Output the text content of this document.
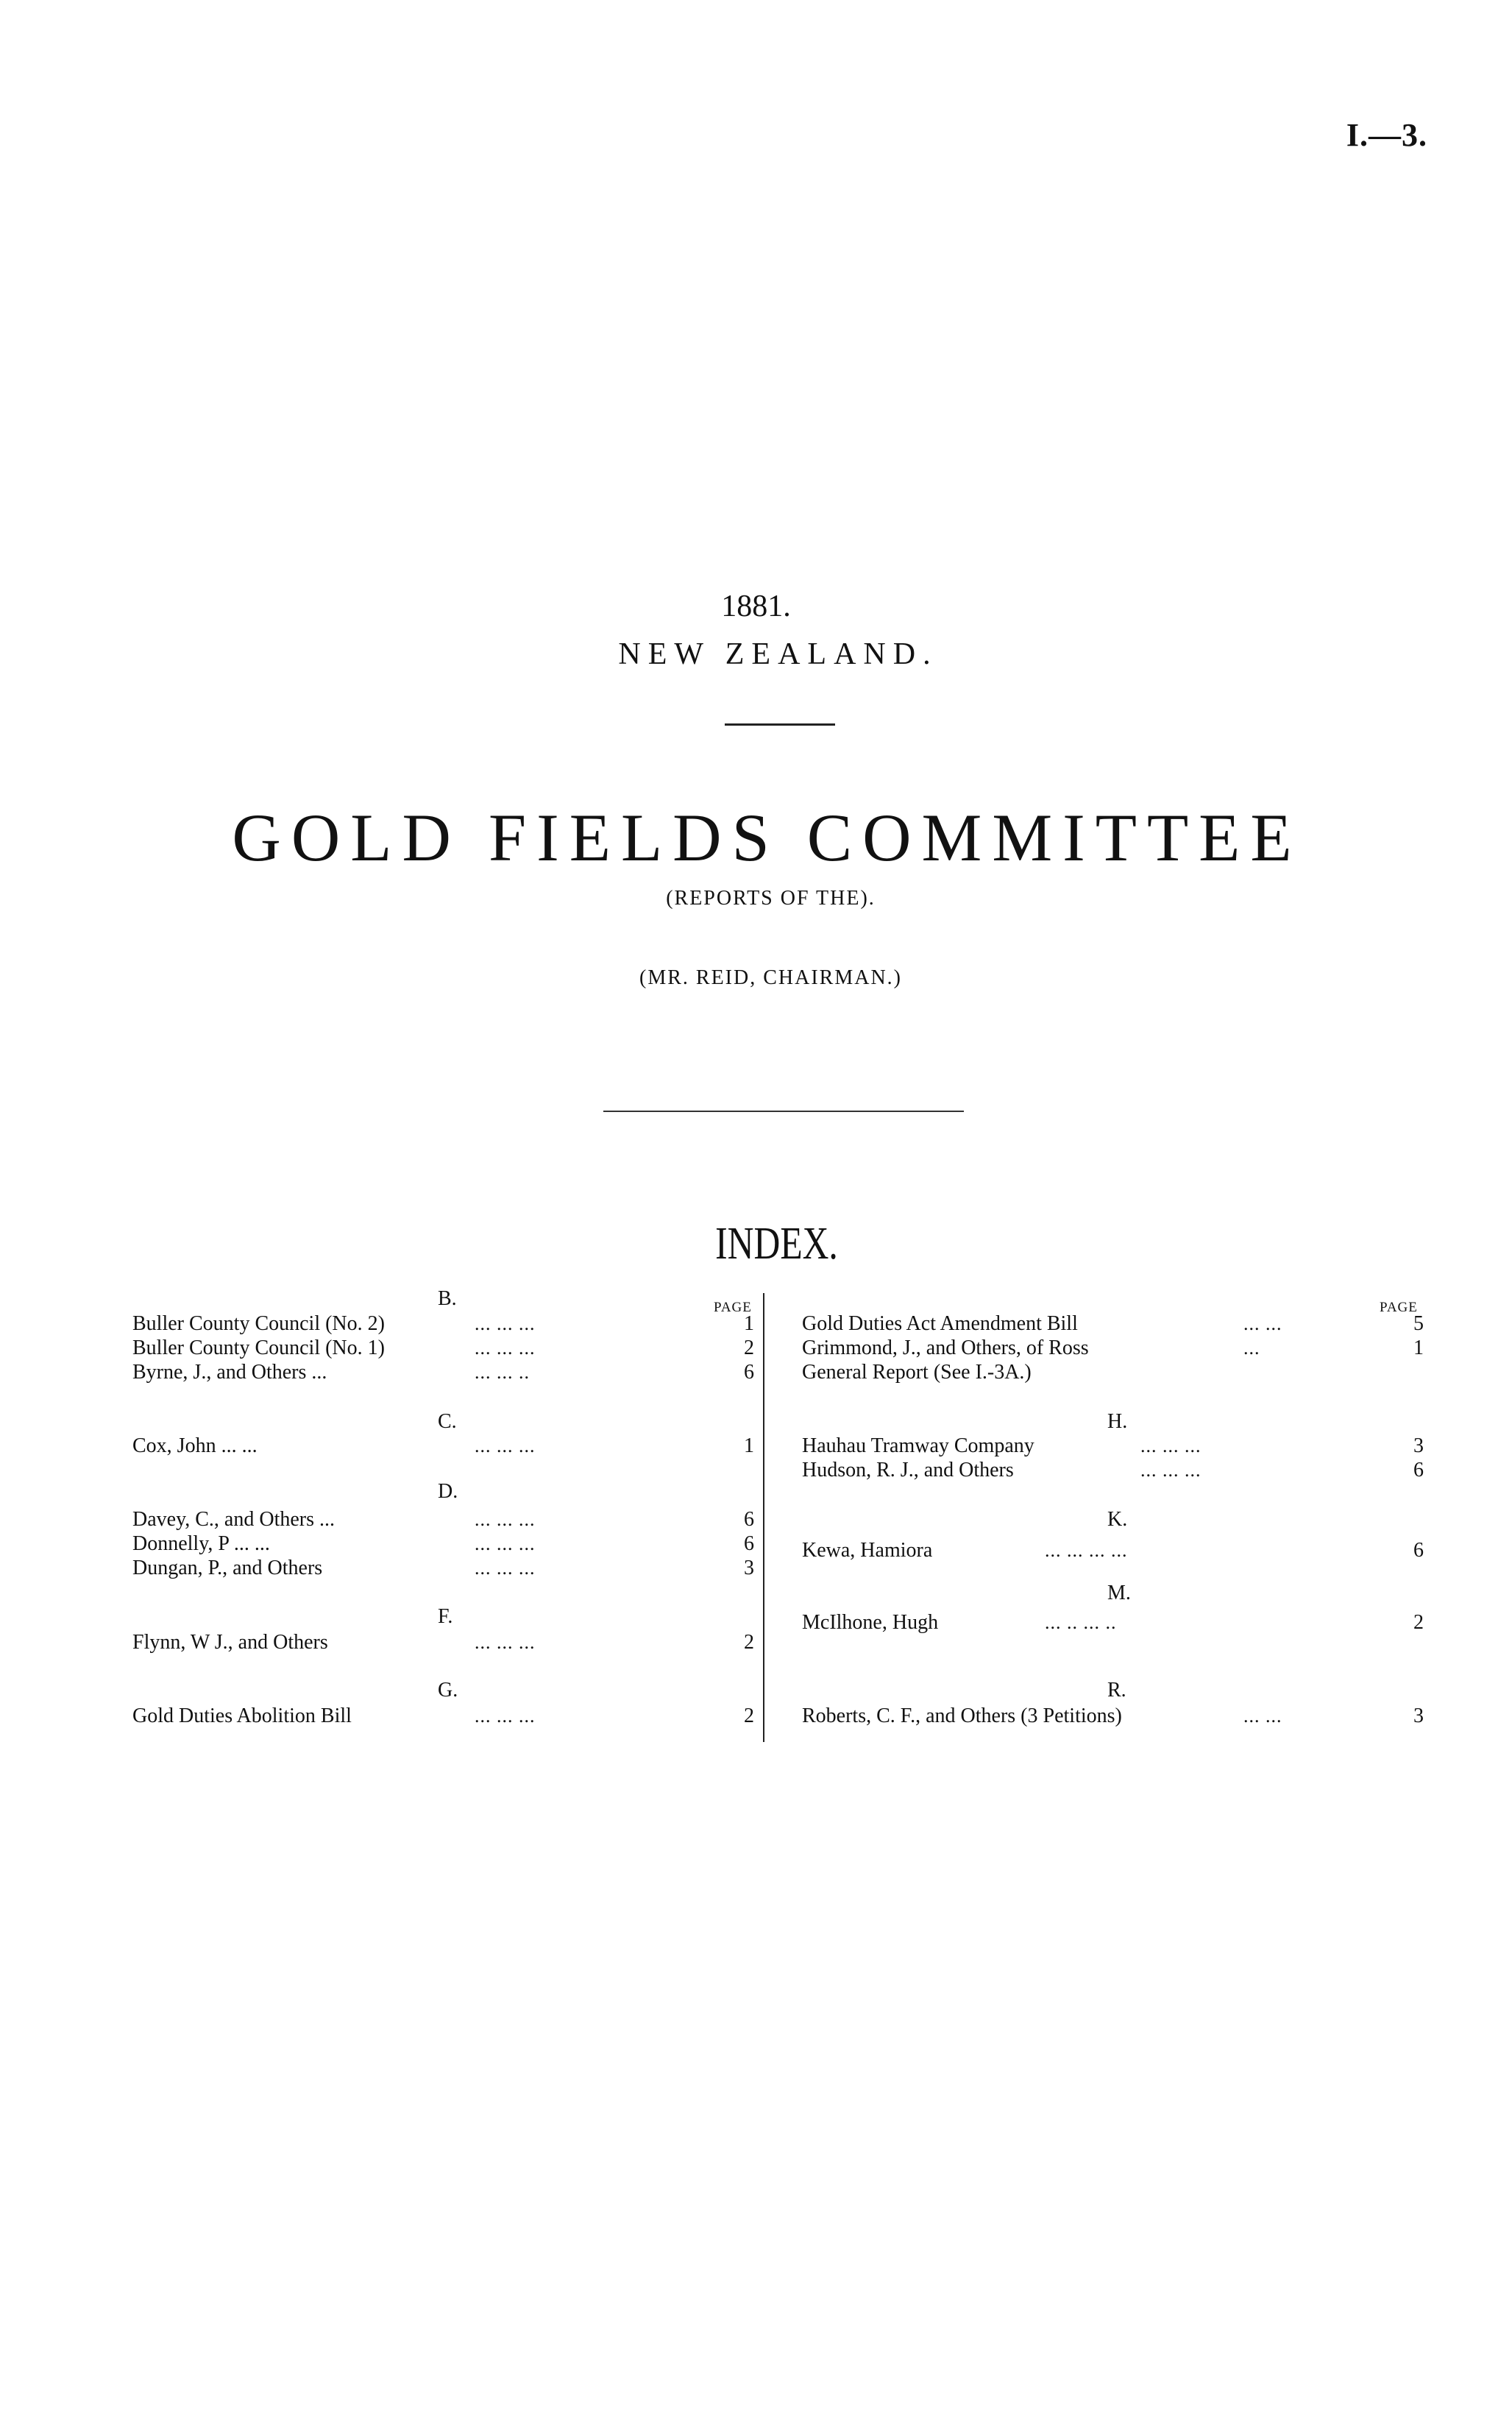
I.—3.
1881.
NEW ZEALAND.
GOLD FIELDS COMMITTEE
(REPORTS OF THE).
(MR. REID, CHAIRMAN.)
INDEX.
B.	PAGE
Buller County Council (No. 2)	... ... ...	1
Buller County Council (No. 1)	... ... ...	2
Byrne, J., and Others ...	... ... ..	6
C.
Cox, John ... ...	... ... ...	1
D.
Davey, C., and Others ...	... ... ...	6
Donnelly, P ... ...	... ... ...	6
Dungan, P., and Others	... ... ...	3
F.
Flynn, W J., and Others	... ... ...	2
G.
Gold Duties Abolition Bill	... ... ...	2
PAGE
Gold Duties Act Amendment Bill	... ...	5
Grimmond, J., and Others, of Ross	...	1
General Report (See I.-3A.)
H.
Hauhau Tramway Company	... ... ...	3
Hudson, R. J., and Others	... ... ...	6
K.
Kewa, Hamiora	... ... ... ...	6
M.
McIlhone, Hugh	... .. ... ..	2
R.
Roberts, C. F., and Others (3 Petitions)	... ...	3
